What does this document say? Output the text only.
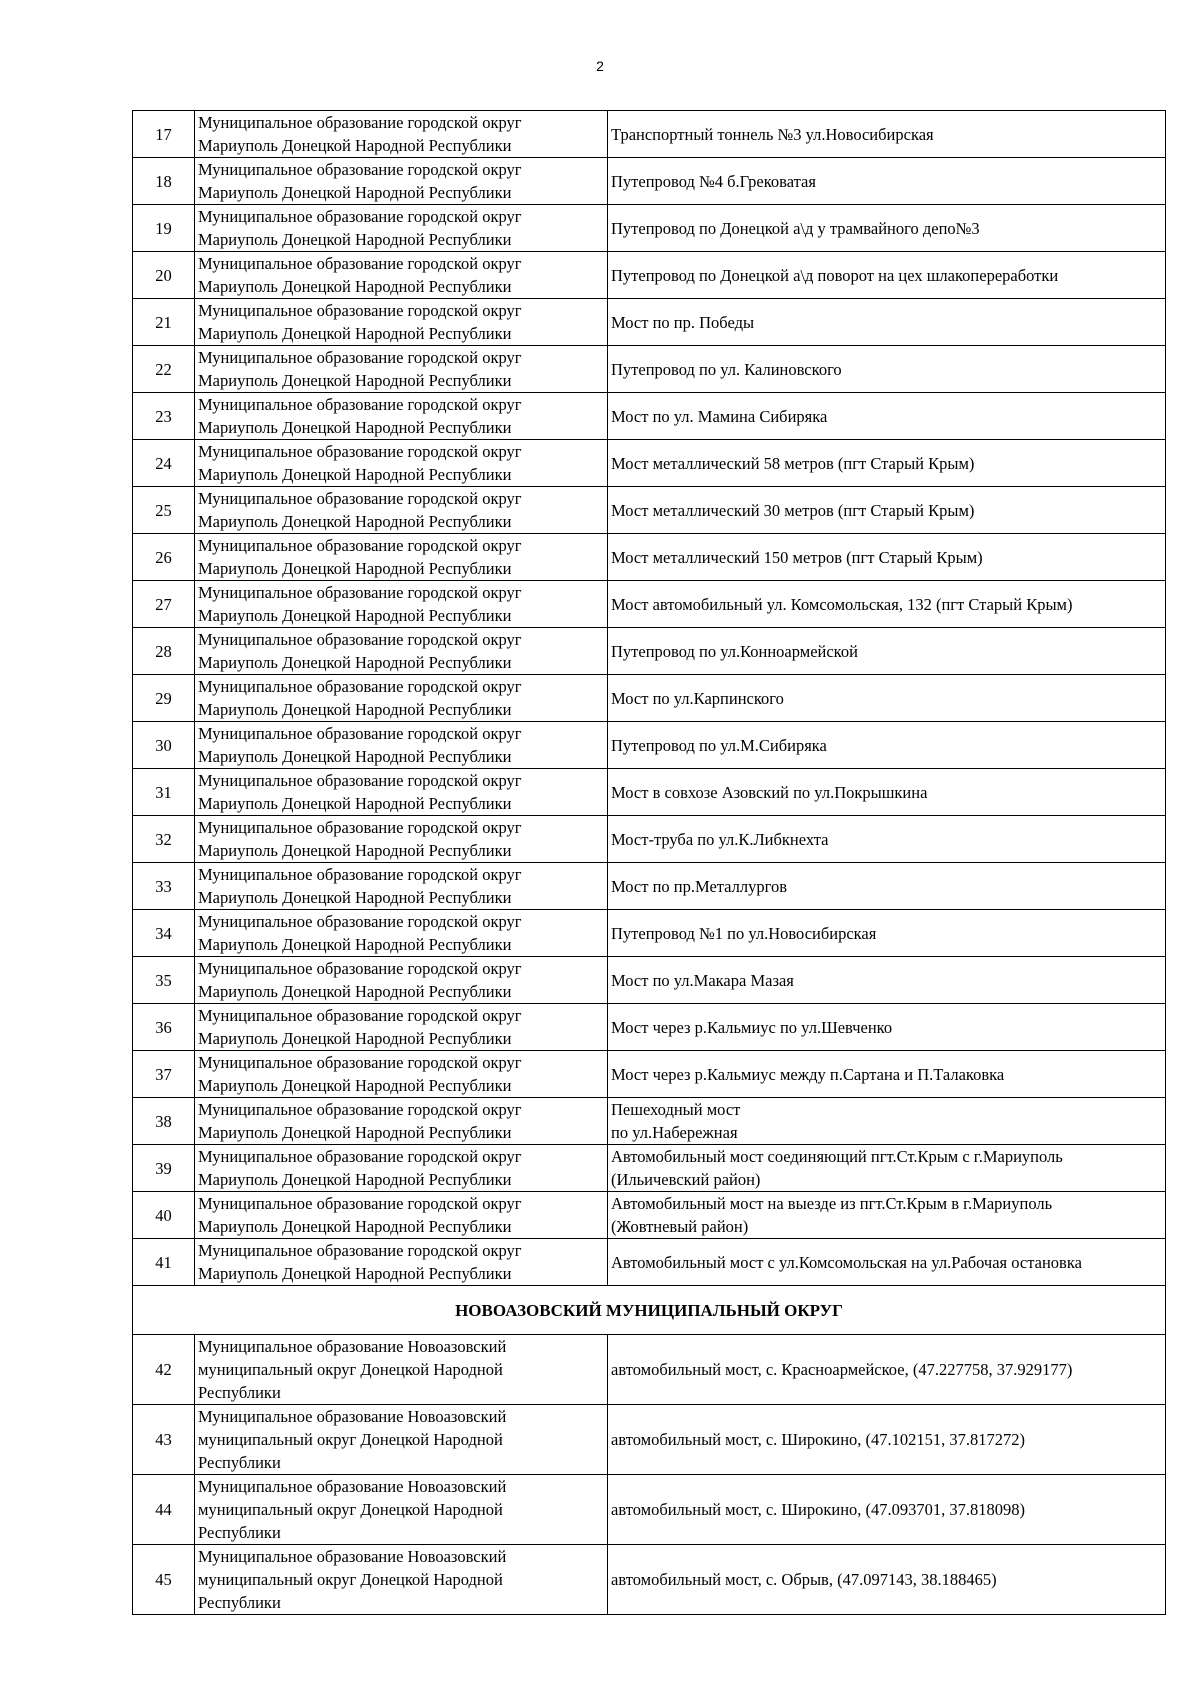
2
17	Муниципальное образование городской округ
Мариуполь Донецкой Народной Республики	Транспортный тоннель №3 ул.Новосибирская

18	Муниципальное образование городской округ
Мариуполь Донецкой Народной Республики	Путепровод №4 б.Грековатая

19	Муниципальное образование городской округ
Мариуполь Донецкой Народной Республики	Путепровод по Донецкой а\д у трамвайного депо№3

20	Муниципальное образование городской округ
Мариуполь Донецкой Народной Республики	Путепровод по Донецкой а\д поворот на цех шлакопереработки

21	Муниципальное образование городской округ
Мариуполь Донецкой Народной Республики	Мост по пр. Победы

22	Муниципальное образование городской округ
Мариуполь Донецкой Народной Республики	Путепровод по ул. Калиновского

23	Муниципальное образование городской округ
Мариуполь Донецкой Народной Республики	Мост по ул. Мамина Сибиряка

24	Муниципальное образование городской округ
Мариуполь Донецкой Народной Республики	Мост металлический 58 метров (пгт Старый Крым)

25	Муниципальное образование городской округ
Мариуполь Донецкой Народной Республики	Мост металлический 30 метров (пгт Старый Крым)

26	Муниципальное образование городской округ
Мариуполь Донецкой Народной Республики	Мост металлический 150 метров (пгт Старый Крым)

27	Муниципальное образование городской округ
Мариуполь Донецкой Народной Республики	Мост автомобильный ул. Комсомольская, 132 (пгт Старый Крым)

28	Муниципальное образование городской округ
Мариуполь Донецкой Народной Республики	Путепровод по ул.Конноармейской

29	Муниципальное образование городской округ
Мариуполь Донецкой Народной Республики	Мост по ул.Карпинского

30	Муниципальное образование городской округ
Мариуполь Донецкой Народной Республики	Путепровод по ул.М.Сибиряка

31	Муниципальное образование городской округ
Мариуполь Донецкой Народной Республики	Мост в совхозе Азовский по ул.Покрышкина

32	Муниципальное образование городской округ
Мариуполь Донецкой Народной Республики	Мост-труба по ул.К.Либкнехта

33	Муниципальное образование городской округ
Мариуполь Донецкой Народной Республики	Мост по пр.Металлургов

34	Муниципальное образование городской округ
Мариуполь Донецкой Народной Республики	Путепровод №1 по ул.Новосибирская

35	Муниципальное образование городской округ
Мариуполь Донецкой Народной Республики	Мост по ул.Макара Мазая

36	Муниципальное образование городской округ
Мариуполь Донецкой Народной Республики	Мост через р.Кальмиус по ул.Шевченко

37	Муниципальное образование городской округ
Мариуполь Донецкой Народной Республики	Мост через р.Кальмиус между п.Сартана и П.Талаковка

38	Муниципальное образование городской округ
Мариуполь Донецкой Народной Республики	Пешеходный мост
по ул.Набережная

39	Муниципальное образование городской округ
Мариуполь Донецкой Народной Республики	Автомобильный мост соединяющий пгт.Ст.Крым с г.Мариуполь
(Ильичевский район)

40	Муниципальное образование городской округ
Мариуполь Донецкой Народной Республики	Автомобильный мост на выезде из пгт.Ст.Крым в г.Мариуполь
(Жовтневый район)

41	Муниципальное образование городской округ
Мариуполь Донецкой Народной Республики	Автомобильный мост с ул.Комсомольская на ул.Рабочая остановка

НОВОАЗОВСКИЙ МУНИЦИПАЛЬНЫЙ ОКРУГ		
42	Муниципальное образование Новоазовский
муниципальный округ Донецкой Народной
Республики	автомобильный мост, с. Красноармейское, (47.227758, 37.929177)

43	Муниципальное образование Новоазовский
муниципальный округ Донецкой Народной
Республики	автомобильный мост, с. Широкино, (47.102151, 37.817272)

44	Муниципальное образование Новоазовский
муниципальный округ Донецкой Народной
Республики	автомобильный мост, с. Широкино, (47.093701, 37.818098)

45	Муниципальное образование Новоазовский
муниципальный округ Донецкой Народной
Республики	автомобильный мост, с. Обрыв, (47.097143, 38.188465)
